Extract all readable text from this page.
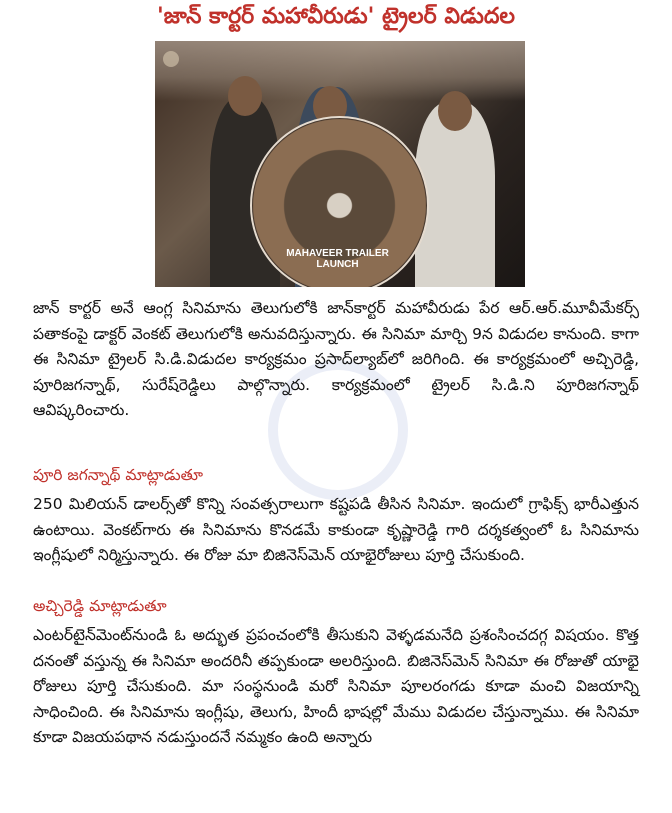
'జాన్ కార్టర్ మహావీరుడు' ట్రైలర్ విడుదల
MAHAVEER TRAILER LAUNCH
జాన్ కార్టర్ అనే ఆంగ్ల సినిమాను తెలుగులోకి జాన్‌కార్టర్ మహావీరుడు పేర ఆర్.ఆర్.మూవీమేకర్స్ పతాకంపై డాక్టర్ వెంకట్ తెలుగులోకి అనువదిస్తున్నారు. ఈ సినిమా మార్చి 9న విడుదల కానుంది. కాగా ఈ సినిమా ట్రైలర్ సి.డి.విడుదల కార్యక్రమం ప్రసాద్‌ల్యాబ్‌లో జరిగింది. ఈ కార్యక్రమంలో అచ్చిరెడ్డి, పూరిజగన్నాథ్, సురేష్‌రెడ్డిలు పాల్గొన్నారు. కార్యక్రమంలో ట్రైలర్ సి.డి.ని పూరిజగన్నాథ్ ఆవిష్కరించారు.
పూరి జగన్నాథ్ మాట్లాడుతూ
250 మిలియన్ డాలర్స్‌తో కొన్ని సంవత్సరాలుగా కష్టపడి తీసిన సినిమా. ఇందులో గ్రాఫిక్స్ భారీఎత్తున ఉంటాయి. వెంకట్‌గారు ఈ సినిమాను కొనడమే కాకుండా కృష్ణారెడ్డి గారి దర్శకత్వంలో ఓ సినిమాను ఇంగ్లీషులో నిర్మిస్తున్నారు. ఈ రోజు మా బిజినెస్‌మెన్ యాభైరోజులు పూర్తి చేసుకుంది.
అచ్చిరెడ్డి మాట్లాడుతూ
ఎంటర్‌టైన్‌మెంట్‌నుండి ఓ అద్భుత ప్రపంచంలోకి తీసుకుని వెళ్ళడమనేది ప్రశంసించదగ్గ విషయం. కొత్త దనంతో వస్తున్న ఈ సినిమా అందరినీ తప్పకుండా అలరిస్తుంది. బిజినెస్‌మెన్ సినిమా ఈ రోజుతో యాభై రోజులు పూర్తి చేసుకుంది. మా సంస్థనుండి మరో సినిమా పూలరంగడు కూడా మంచి విజయాన్ని సాధించింది. ఈ సినిమాను ఇంగ్లీషు, తెలుగు, హిందీ భాషల్లో మేము విడుదల చేస్తున్నాము. ఈ సినిమా కూడా విజయపథాన నడుస్తుందనే నమ్మకం ఉంది అన్నారు
